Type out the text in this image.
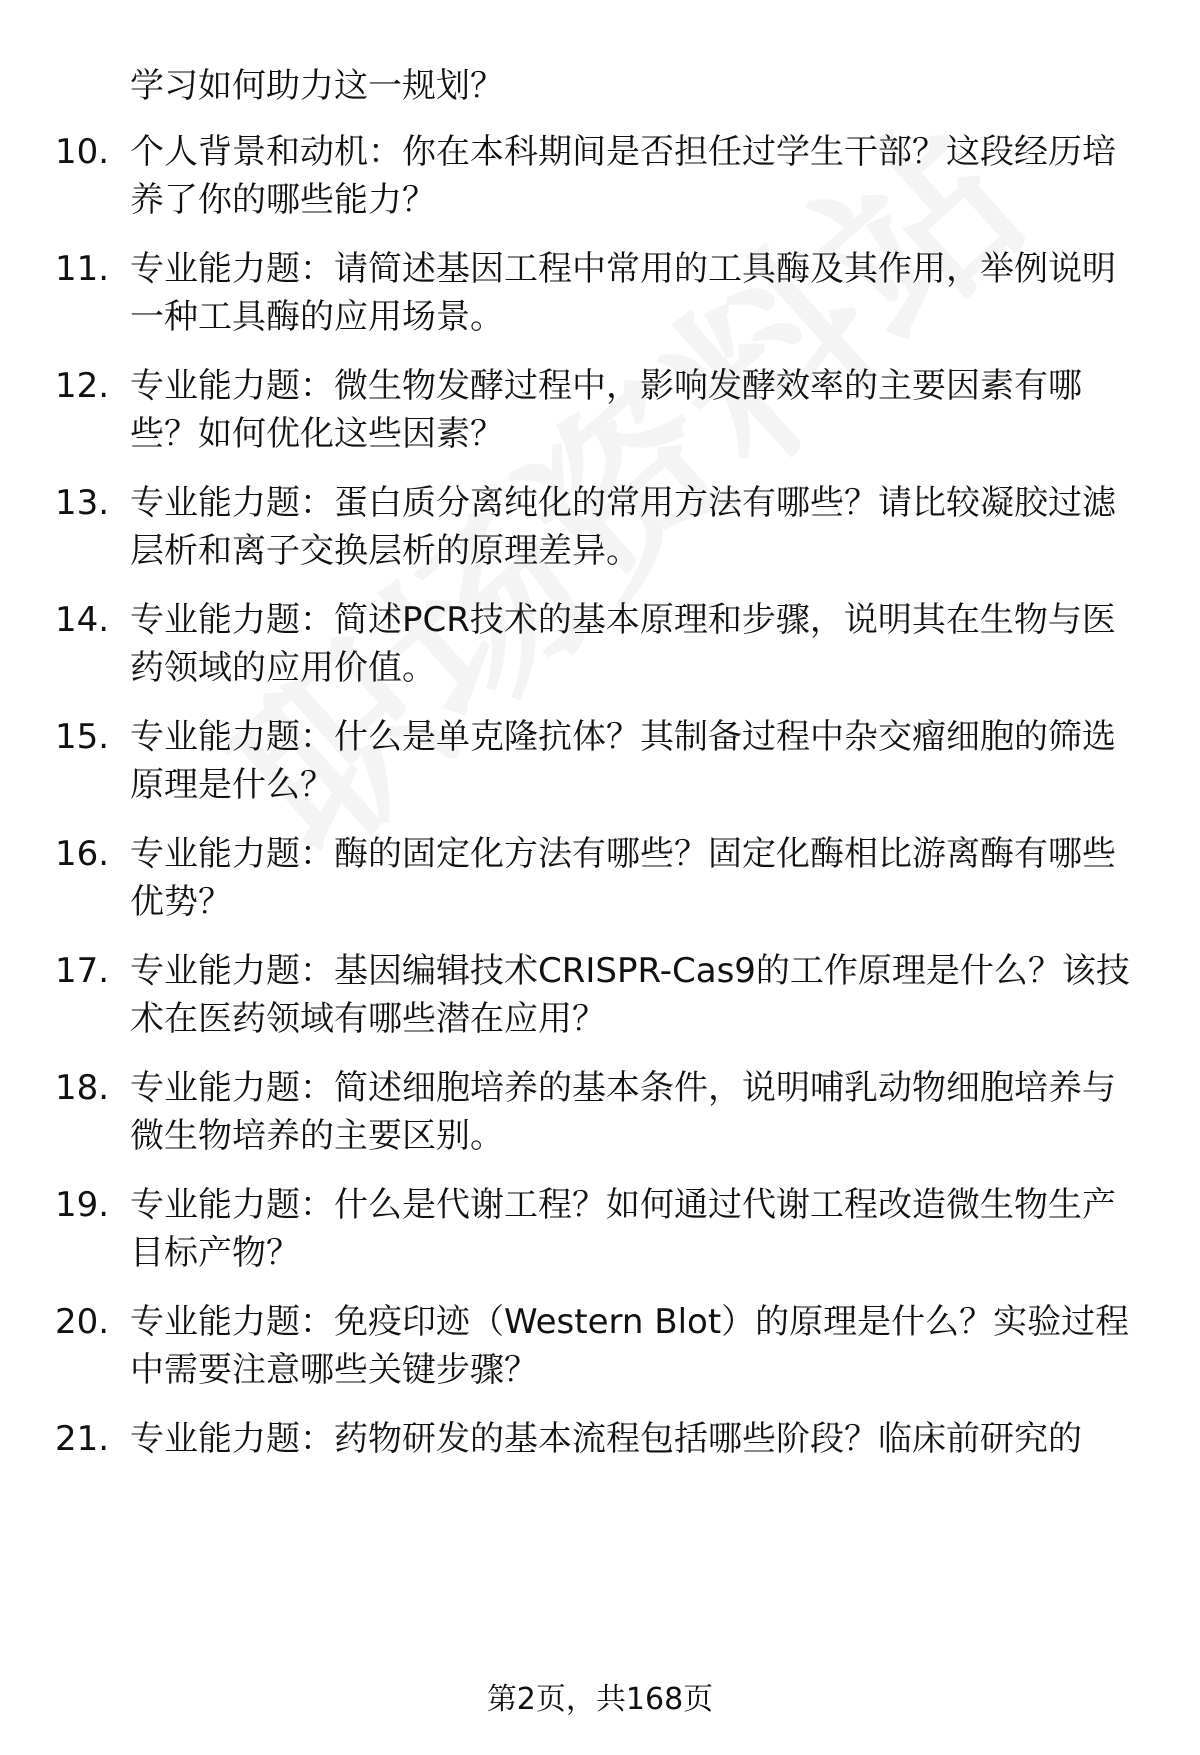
学习如何助力这一规划？
10. 个人背景和动机：你在本科期间是否担任过学生干部？这段经历培养了你的哪些能力？
11. 专业能力题：请简述基因工程中常用的工具酶及其作用，举例说明一种工具酶的应用场景。
12. 专业能力题：微生物发酵过程中，影响发酵效率的主要因素有哪些？如何优化这些因素？
13. 专业能力题：蛋白质分离纯化的常用方法有哪些？请比较凝胶过滤层析和离子交换层析的原理差异。
14. 专业能力题：简述PCR技术的基本原理和步骤，说明其在生物与医药领域的应用价值。
15. 专业能力题：什么是单克隆抗体？其制备过程中杂交瘤细胞的筛选原理是什么？
16. 专业能力题：酶的固定化方法有哪些？固定化酶相比游离酶有哪些优势？
17. 专业能力题：基因编辑技术CRISPR-Cas9的工作原理是什么？该技术在医药领域有哪些潜在应用？
18. 专业能力题：简述细胞培养的基本条件，说明哺乳动物细胞培养与微生物培养的主要区别。
19. 专业能力题：什么是代谢工程？如何通过代谢工程改造微生物生产目标产物？
20. 专业能力题：免疫印迹（Western Blot）的原理是什么？实验过程中需要注意哪些关键步骤？
21. 专业能力题：药物研发的基本流程包括哪些阶段？临床前研究的
第2页，共168页
